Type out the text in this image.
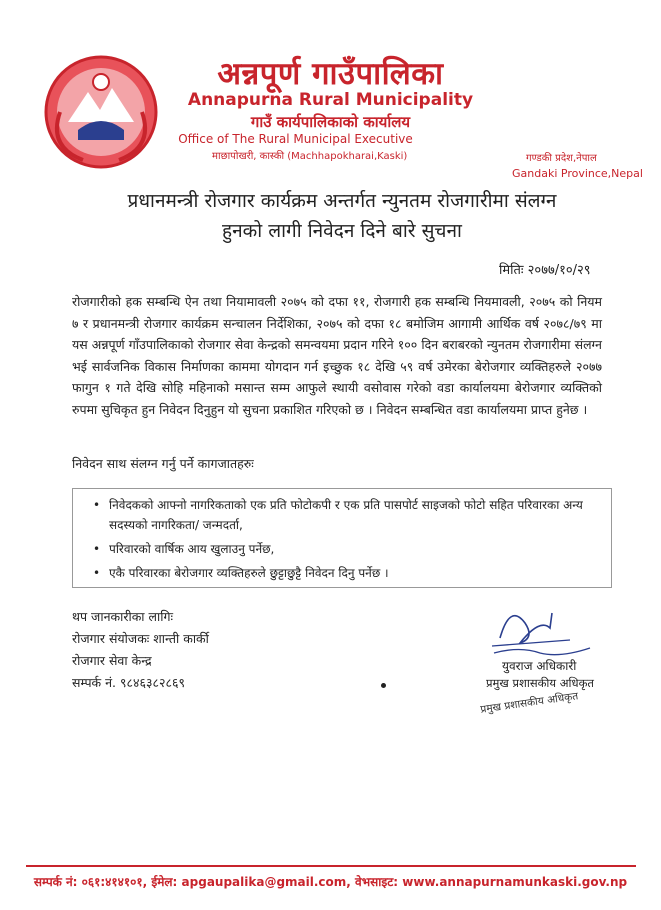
अन्नपूर्ण गाउँपालिका
Annapurna Rural Municipality
गाउँ कार्यपालिकाको कार्यालय
Office of The Rural Municipal Executive
माछापोखरी, कास्की (Machhapokharai,Kaski)	गण्डकी प्रदेश,नेपाल
Gandaki Province,Nepal
प्रधानमन्त्री रोजगार कार्यक्रम अन्तर्गत न्युनतम रोजगारीमा संलग्न
हुनको लागी निवेदन दिने बारे सुचना
मितिः २०७७/१०/२९
रोजगारीको हक सम्बन्धि ऐन तथा नियामावली २०७५ को दफा ११, रोजगारी हक सम्बन्धि नियमावली, २०७५ को नियम ७ र प्रधानमन्त्री रोजगार कार्यक्रम सन्चालन निर्देशिका, २०७५ को दफा १८ बमोजिम आगामी आर्थिक वर्ष २०७८/७९ मा यस अन्नपूर्ण गाँउपालिकाको रोजगार सेवा केन्द्रको समन्वयमा प्रदान गरिने १०० दिन बराबरको न्युनतम रोजगारीमा संलग्न भई सार्वजनिक विकास निर्माणका काममा योगदान गर्न इच्छुक १८ देखि ५९ वर्ष उमेरका बेरोजगार व्यक्तिहरुले २०७७ फागुन १ गते देखि सोहि महिनाको मसान्त सम्म आफुले स्थायी वसोवास गरेको वडा कार्यालयमा बेरोजगार व्यक्तिको रुपमा सुचिकृत हुन निवेदन दिनुहुन यो सुचना प्रकाशित गरिएको छ । निवेदन सम्बन्धित वडा कार्यालयमा प्राप्त हुनेछ ।
निवेदन साथ संलग्न गर्नु पर्ने कागजातहरुः
• निवेदकको आफ्नो नागरिकताको एक प्रति फोटोकपी र एक प्रति पासपोर्ट साइजको फोटो सहित परिवारका अन्य सदस्यको नागरिकता/ जन्मदर्ता,
• परिवारको वार्षिक आय खुलाउनु पर्नेछ,
• एकै परिवारका बेरोजगार व्यक्तिहरुले छुट्टाछुट्टै निवेदन दिनु पर्नेछ ।
थप जानकारीका लागिः
रोजगार संयोजकः शान्ती कार्की
रोजगार सेवा केन्द्र
सम्पर्क नं. ९८४६३८२८६९
युवराज अधिकारी
प्रमुख प्रशासकीय अधिकृत
प्रमुख प्रशासकीय अधिकृत
सम्पर्क नं: ०६१:४१४१०१, ईमेल: apgaupalika@gmail.com, वेभसाइट: www.annapurnamunkaski.gov.np
